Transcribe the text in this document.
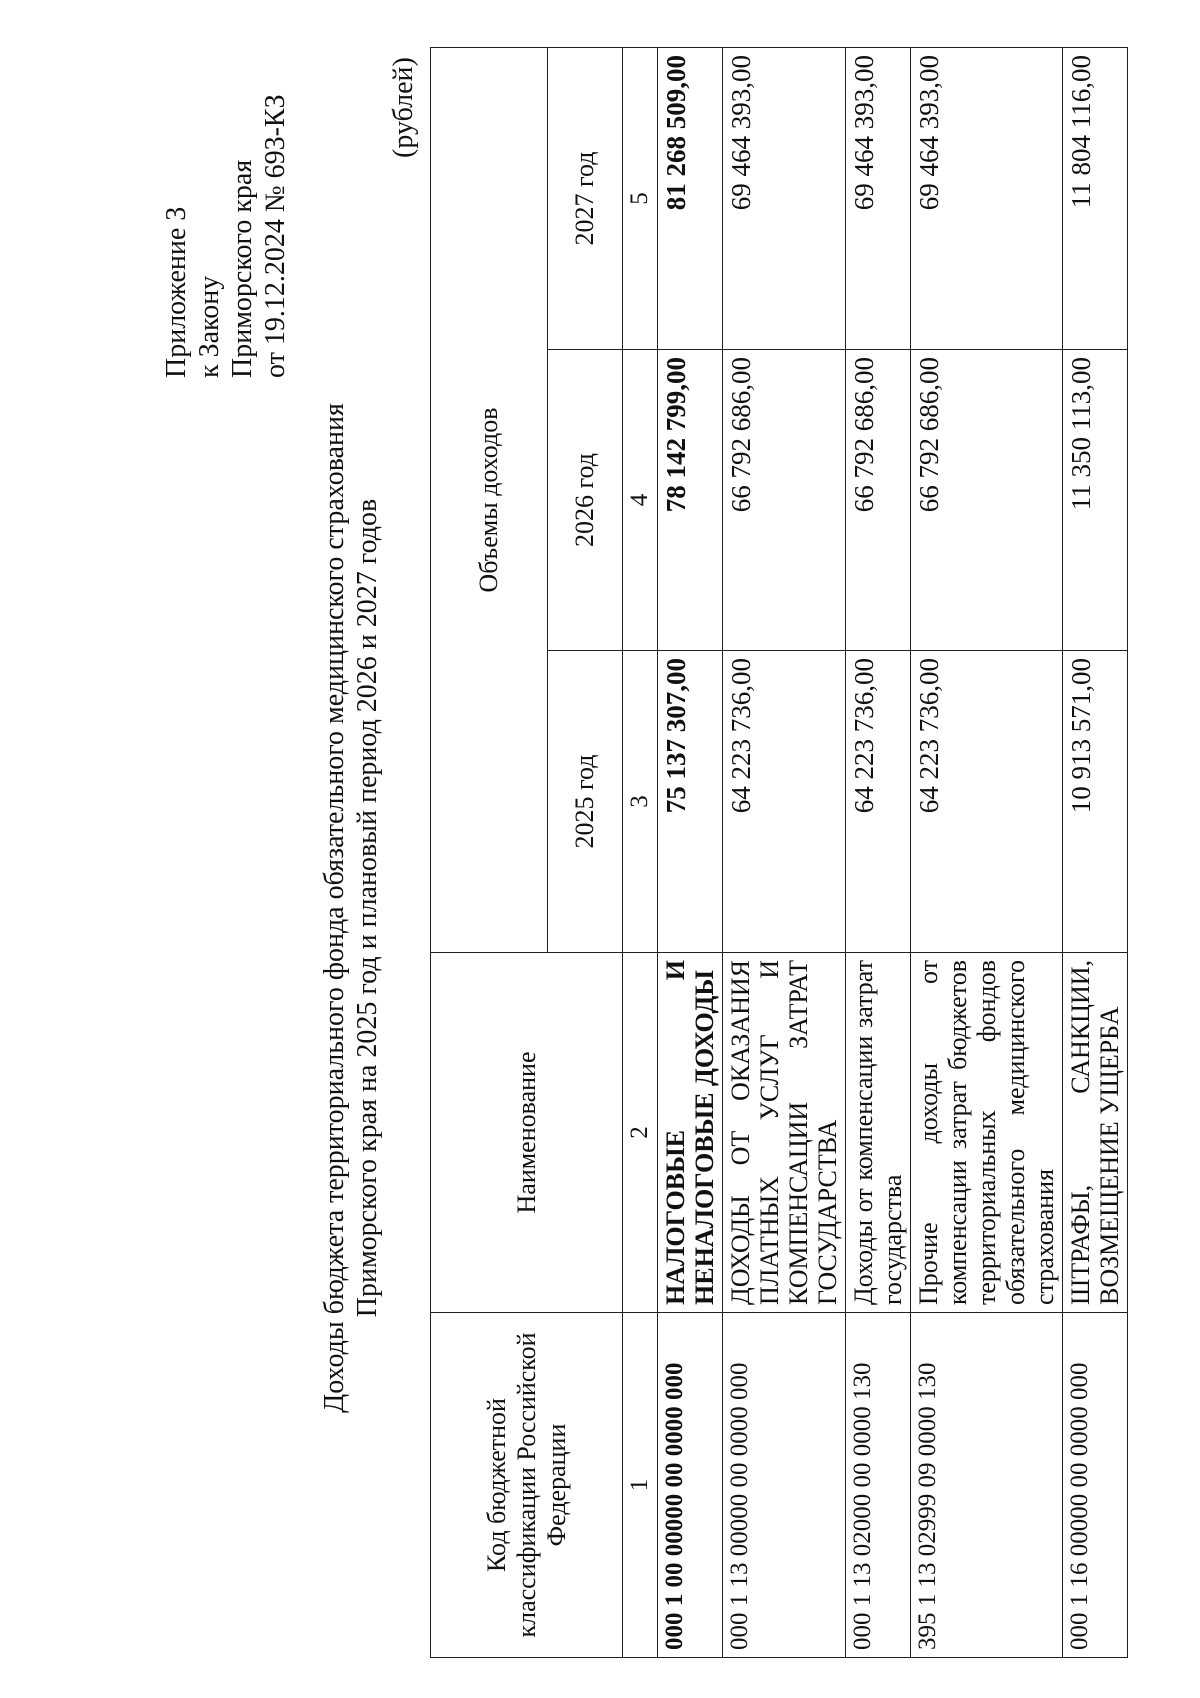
Приложение 3 к Закону Приморского края от 19.12.2024 № 693-КЗ
Доходы бюджета территориального фонда обязательного медицинского страхования Приморского края на 2025 год и плановый период 2026 и 2027 годов
(рублей)
Код бюджетной классификации Российской Федерации	Наименование	Объемы доходов		
		2025 год	2026 год	2027 год
1	2	3	4	5
000 1 00 00000 00 0000 000	НАЛОГОВЫЕ И НЕНАЛОГОВЫЕ ДОХОДЫ	75 137 307,00	78 142 799,00	81 268 509,00
000 1 13 00000 00 0000 000	ДОХОДЫ ОТ ОКАЗАНИЯ ПЛАТНЫХ УСЛУГ И КОМПЕНСАЦИИ ЗАТРАТ ГОСУДАРСТВА	64 223 736,00	66 792 686,00	69 464 393,00
000 1 13 02000 00 0000 130	Доходы от компенсации затрат государства	64 223 736,00	66 792 686,00	69 464 393,00
395 1 13 02999 09 0000 130	Прочие доходы от компенсации затрат бюджетов территориальных фондов обязательного медицинского страхования	64 223 736,00	66 792 686,00	69 464 393,00
000 1 16 00000 00 0000 000	ШТРАФЫ, САНКЦИИ, ВОЗМЕЩЕНИЕ УЩЕРБА	10 913 571,00	11 350 113,00	11 804 116,00
